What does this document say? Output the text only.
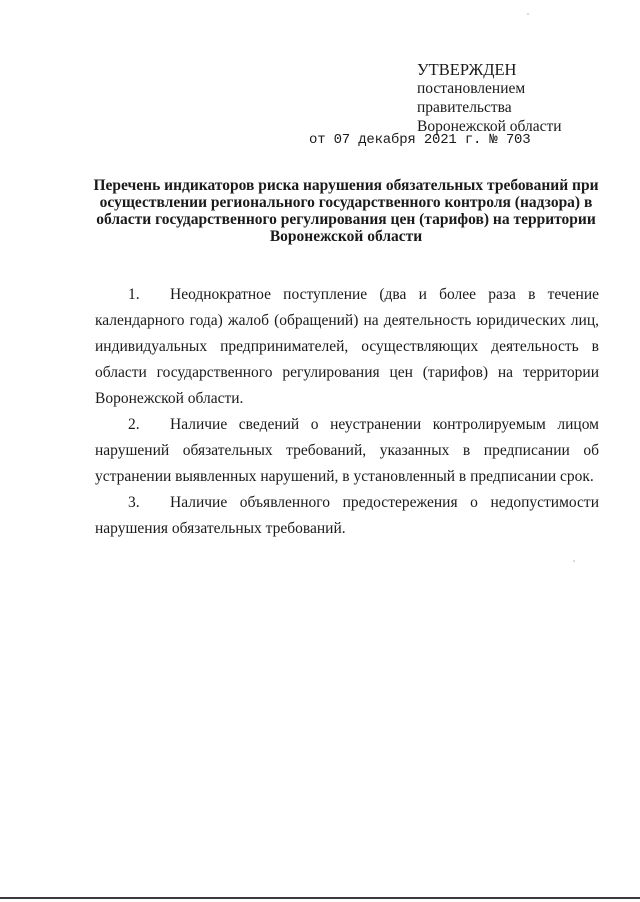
УТВЕРЖДЕН
постановлением
правительства
Воронежской области
от 07 декабря 2021 г. № 703
Перечень индикаторов риска нарушения обязательных требований при осуществлении регионального государственного контроля (надзора) в области государственного регулирования цен (тарифов) на территории Воронежской области

1. Неоднократное поступление (два и более раза в течение календарного года) жалоб (обращений) на деятельность юридических лиц, индивидуальных предпринимателей, осуществляющих деятельность в области государственного регулирования цен (тарифов) на территории Воронежской области.

2. Наличие сведений о неустранении контролируемым лицом нарушений обязательных требований, указанных в предписании об устранении выявленных нарушений, в установленный в предписании срок.

3. Наличие объявленного предостережения о недопустимости нарушения обязательных требований.
